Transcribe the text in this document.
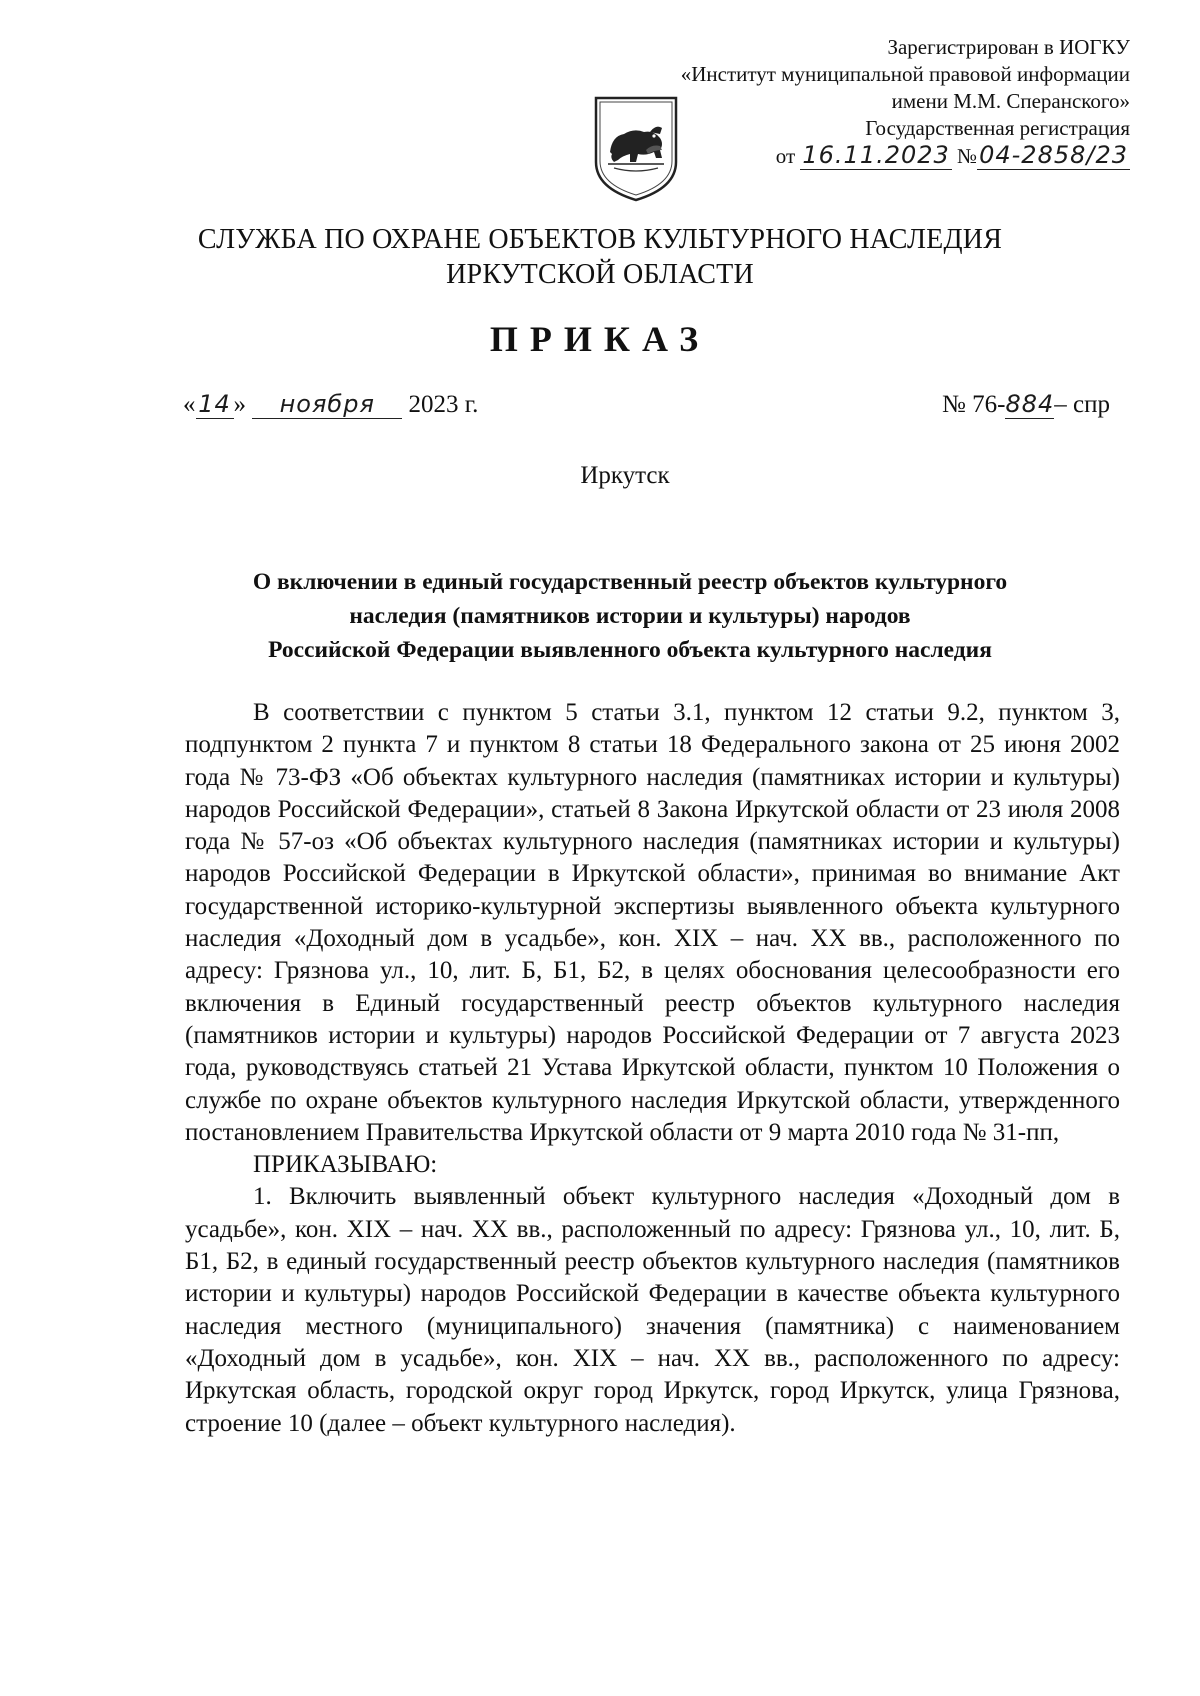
Зарегистрирован в ИОГКУ
«Институт муниципальной правовой информации
имени М.М. Сперанского»
Государственная регистрация
от 16.11.2023 №04-2858/23
СЛУЖБА ПО ОХРАНЕ ОБЪЕКТОВ КУЛЬТУРНОГО НАСЛЕДИЯ
ИРКУТСКОЙ ОБЛАСТИ
ПРИКАЗ
« 14 » ноября 2023 г.	№ 76-884– спр
Иркутск
О включении в единый государственный реестр объектов культурного
наследия (памятников истории и культуры) народов
Российской Федерации выявленного объекта культурного наследия

В соответствии с пунктом 5 статьи 3.1, пунктом 12 статьи 9.2, пунктом 3, подпунктом 2 пункта 7 и пунктом 8 статьи 18 Федерального закона от 25 июня 2002 года № 73-ФЗ «Об объектах культурного наследия (памятниках истории и культуры) народов Российской Федерации», статьей 8 Закона Иркутской области от 23 июля 2008 года № 57-оз «Об объектах культурного наследия (памятниках истории и культуры) народов Российской Федерации в Иркутской области», принимая во внимание Акт государственной историко-культурной экспертизы выявленного объекта культурного наследия «Доходный дом в усадьбе», кон. XIX – нач. XX вв., расположенного по адресу: Грязнова ул., 10, лит. Б, Б1, Б2, в целях обоснования целесообразности его включения в Единый государственный реестр объектов культурного наследия (памятников истории и культуры) народов Российской Федерации от 7 августа 2023 года, руководствуясь статьей 21 Устава Иркутской области, пунктом 10 Положения о службе по охране объектов культурного наследия Иркутской области, утвержденного постановлением Правительства Иркутской области от 9 марта 2010 года № 31-пп,

ПРИКАЗЫВАЮ:

1. Включить выявленный объект культурного наследия «Доходный дом в усадьбе», кон. XIX – нач. XX вв., расположенный по адресу: Грязнова ул., 10, лит. Б, Б1, Б2, в единый государственный реестр объектов культурного наследия (памятников истории и культуры) народов Российской Федерации в качестве объекта культурного наследия местного (муниципального) значения (памятника) с наименованием «Доходный дом в усадьбе», кон. XIX – нач. XX вв., расположенного по адресу: Иркутская область, городской округ город Иркутск, город Иркутск, улица Грязнова, строение 10 (далее – объект культурного наследия).
